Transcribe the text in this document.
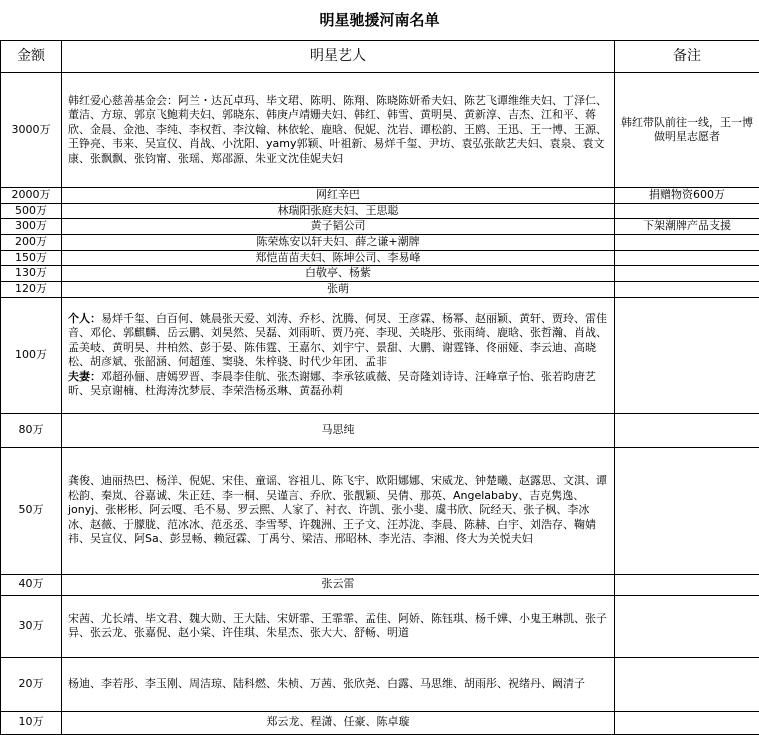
明星驰援河南名单
金额	明星艺人	备注
3000万	韩红爱心慈善基金会：阿兰・达瓦卓玛、毕文珺、陈明、陈翔、陈晓陈妍希夫妇、陈艺飞谭维维夫妇、丁泽仁、董洁、方琼、郭京飞鲍莉夫妇、郭晓东、韩庚卢靖姗夫妇、韩红、韩雪、黄明昊、黄新淳、吉杰、江和平、蒋欣、金晨、金池、李纯、李权哲、李汶翰、林依轮、鹿晗、倪妮、沈岩、谭松韵、王鸥、王迅、王一博、王源、王铮亮、韦来、吴宣仪、肖战、小沈阳、yamy郭颖、叶祖新、易烊千玺、尹坊、袁弘张歆艺夫妇、袁泉、袁文康、张飘飘、张钧甯、张瑶、郑邵源、朱亚文沈佳妮夫妇	韩红带队前往一线，王一博做明星志愿者
2000万	网红辛巴	捐赠物资600万
500万	林瑞阳张庭夫妇、王思聪	
300万	黄子韬公司	下架潮牌产品支援
200万	陈荣炼安以轩夫妇、薛之谦+潮牌	
150万	郑恺苗苗夫妇、陈坤公司、李易峰	
130万	白敬亭、杨紫	
120万	张萌	
100万	个人：易烊千玺、白百何、姚晨张天爱、刘涛、乔杉、沈腾、何炅、王彦霖、杨幂、赵丽颖、黄轩、贾玲、雷佳音、邓伦、郭麒麟、岳云鹏、刘昊然、吴磊、刘雨昕、贾乃亮、李现、关晓彤、张雨绮、鹿晗、张哲瀚、肖战、孟美岐、黄明昊、井柏然、彭于晏、陈伟霆、王嘉尔、刘宇宁、景甜、大鹏、谢霆锋、佟丽娅、李云迪、高晓松、胡彦斌、张韶涵、何超莲、窦骁、朱梓骁、时代少年团、孟非
夫妻：邓超孙俪、唐嫣罗晋、李晨李佳航、张杰谢娜、李承铉戚薇、吴奇隆刘诗诗、汪峰章子怡、张若昀唐艺昕、吴京谢楠、杜海涛沈梦辰、李荣浩杨丞琳、黄磊孙莉	
80万	马思纯	
50万	龚俊、迪丽热巴、杨洋、倪妮、宋佳、童谣、容祖儿、陈飞宇、欧阳娜娜、宋威龙、钟楚曦、赵露思、文淇、谭松韵、秦岚、谷嘉诚、朱正廷、李一桐、吴谨言、乔欣、张靓颖、吴倩、那英、Angelababy、吉克隽逸、jonyj、张彬彬、阿云嘎、毛不易、罗云熙、人家了、衬衣、许凯、张小斐、虞书欣、阮经天、张子枫、李冰冰、赵薇、于朦胧、范冰冰、范丞丞、李雪琴、许魏洲、王子文、汪苏泷、李晨、陈赫、白宇、刘浩存、鞠婧祎、吴宣仪、阿Sa、彭昱畅、赖冠霖、丁禹兮、梁洁、邢昭林、李光洁、李湘、佟大为关悦夫妇	
40万	张云雷	
30万	宋茜、尤长靖、毕文君、魏大勋、王大陆、宋妍霏、王霏霏、孟佳、阿娇、陈钰琪、杨千嬅、小鬼王琳凯、张子异、张云龙、张嘉倪、赵小棠、许佳琪、朱星杰、张大大、舒畅、明道	
20万	杨迪、李若彤、李玉刚、周洁琼、陆科燃、朱桢、万茜、张欣尧、白露、马思维、胡雨彤、祝绪丹、阚清子	
10万	郑云龙、程潇、任豪、陈卓璇	
